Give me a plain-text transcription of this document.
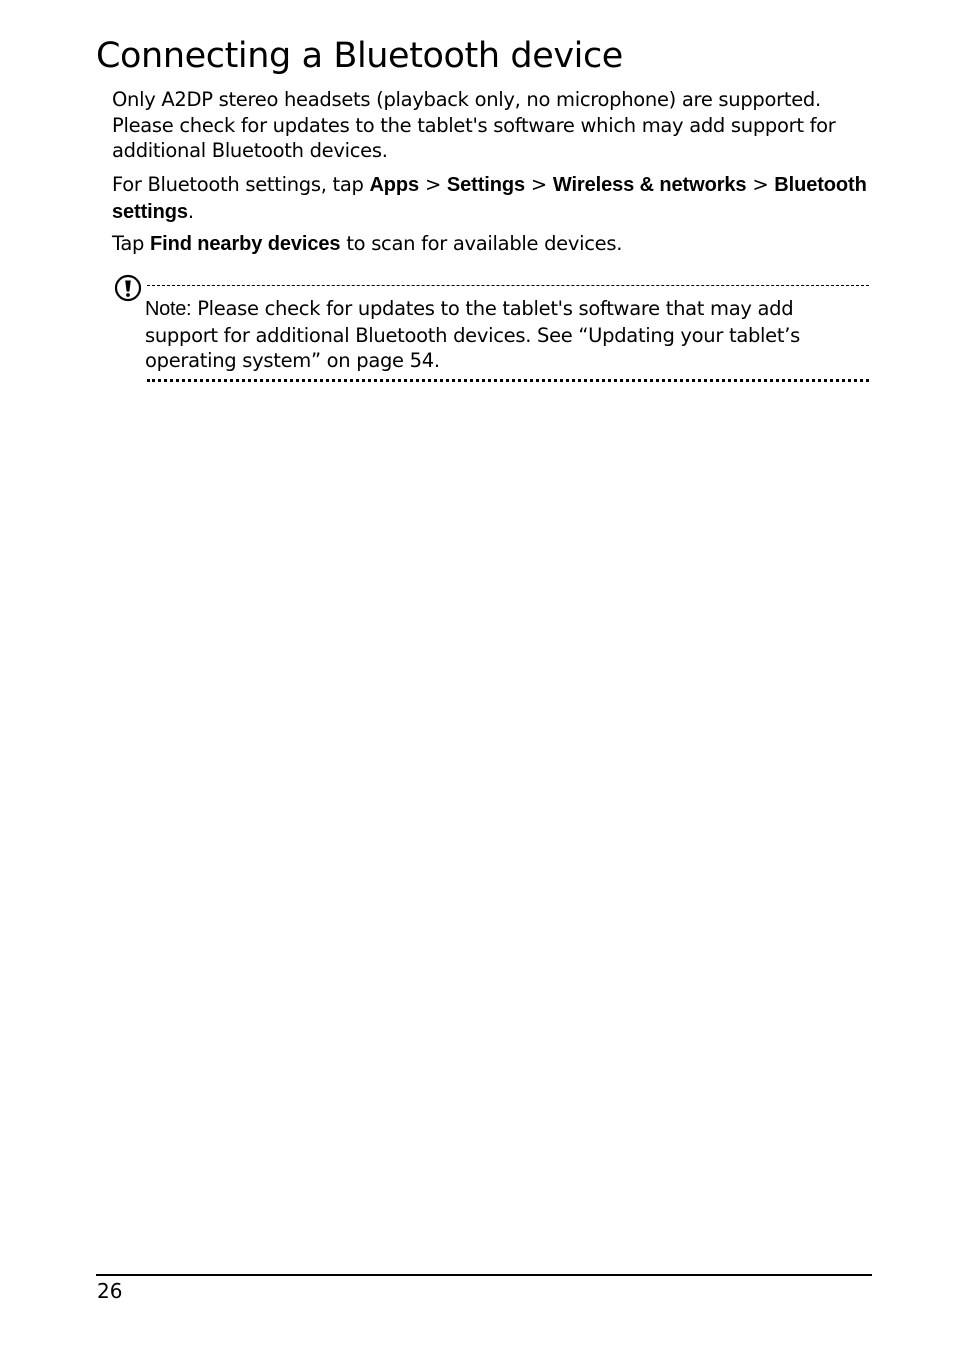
Connecting a Bluetooth device

Only A2DP stereo headsets (playback only, no microphone) are supported.
Please check for updates to the tablet's software which may add support for
additional Bluetooth devices.

For Bluetooth settings, tap Apps > Settings > Wireless & networks > Bluetooth
settings.

Tap Find nearby devices to scan for available devices.

Note: Please check for updates to the tablet's software that may add
support for additional Bluetooth devices. See “Updating your tablet’s
operating system” on page 54.
26
